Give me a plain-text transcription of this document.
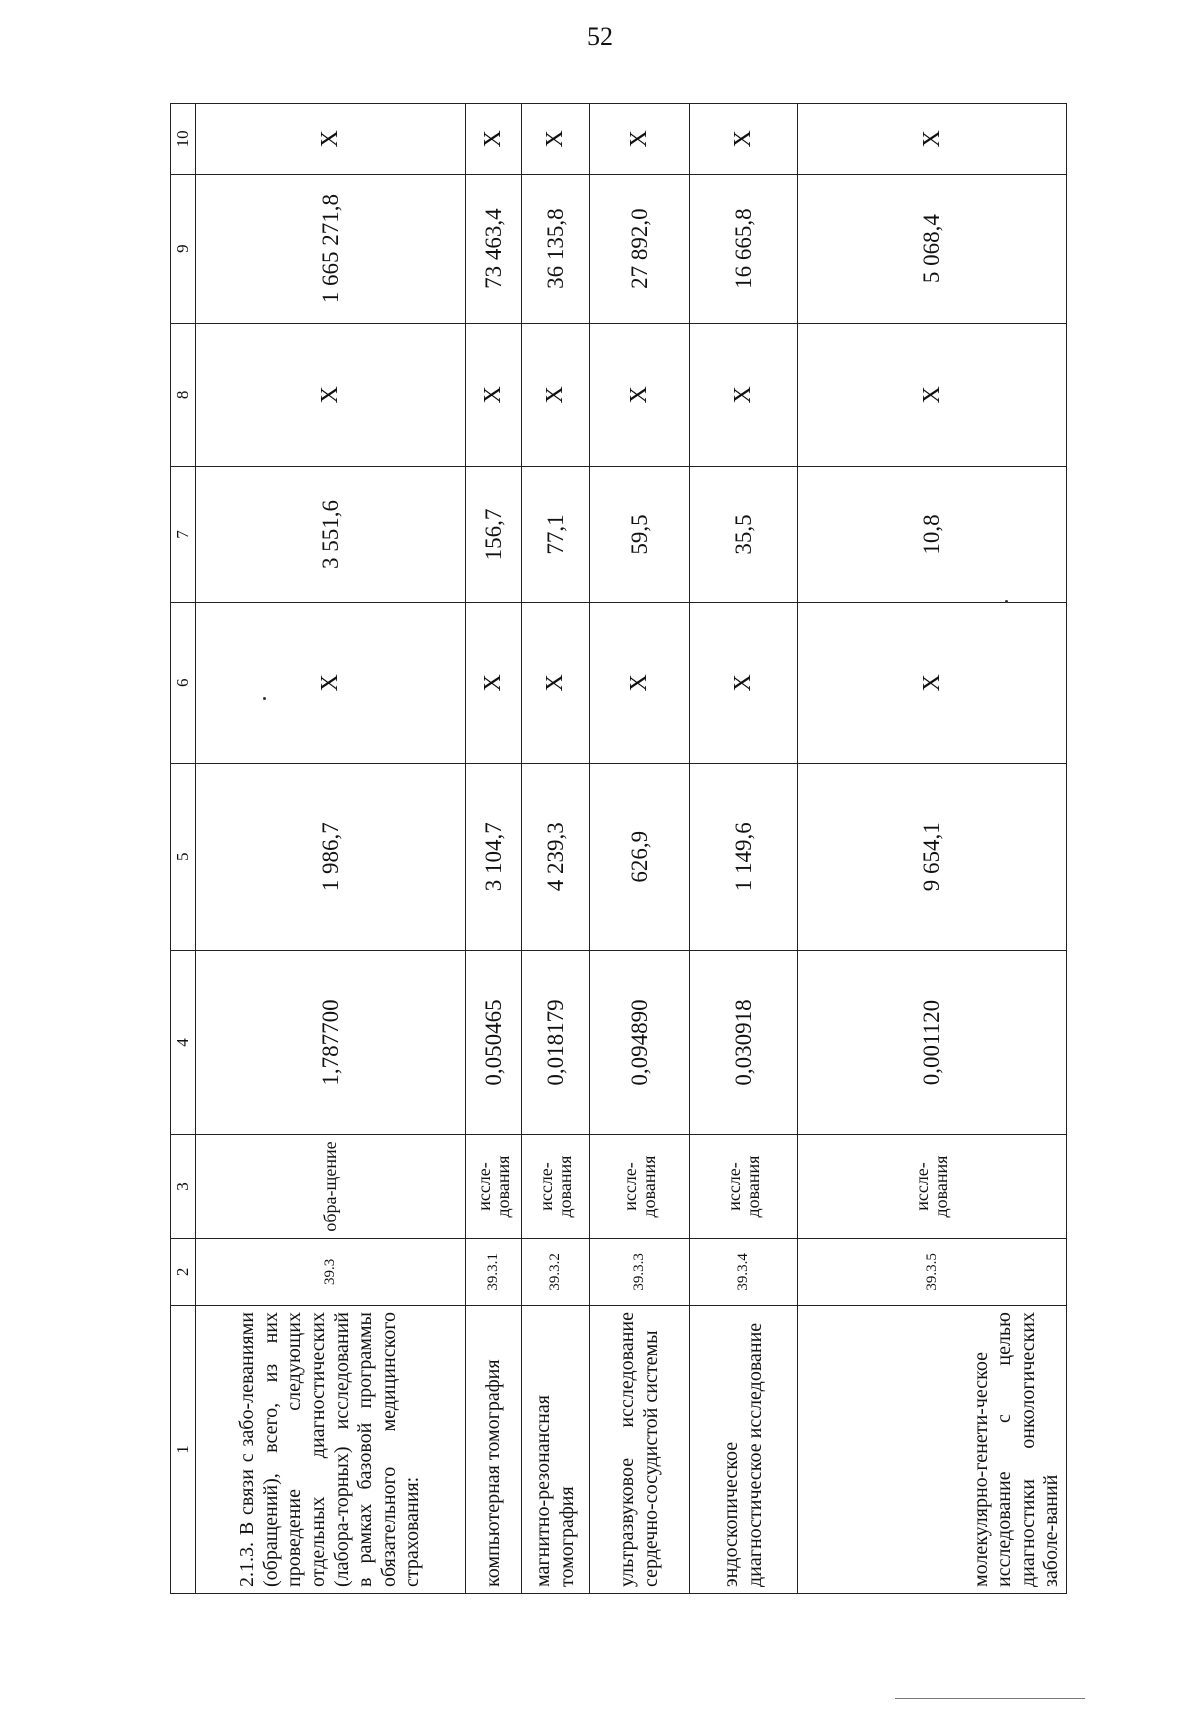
52
1	2	3	4	5	6	7	8	9	10
2.1.3. В связи с забо-леваниями (обращений), всего, из них проведение следующих отдельных диагностических (лабора-торных) исследований в рамках базовой программы обязательного медицинского страхования:	39.3	обра-щение	1,787700	1 986,7	X	3 551,6	X	1 665 271,8	X
компьютерная томография	39.3.1	иссле-дования	0,050465	3 104,7	X	156,7	X	73 463,4	X
магнитно-резонансная томография	39.3.2	иссле-дования	0,018179	4 239,3	X	77,1	X	36 135,8	X
ультразвуковое исследование сердечно-сосудистой системы	39.3.3	иссле-дования	0,094890	626,9	X	59,5	X	27 892,0	X
эндоскопическое диагностическое исследование	39.3.4	иссле-дования	0,030918	1 149,6	X	35,5	X	16 665,8	X
молекулярно-генети-ческое исследование с целью диагностики онкологических заболе-ваний	39.3.5	иссле-дования	0,001120	9 654,1	X	10,8	X	5 068,4	X
